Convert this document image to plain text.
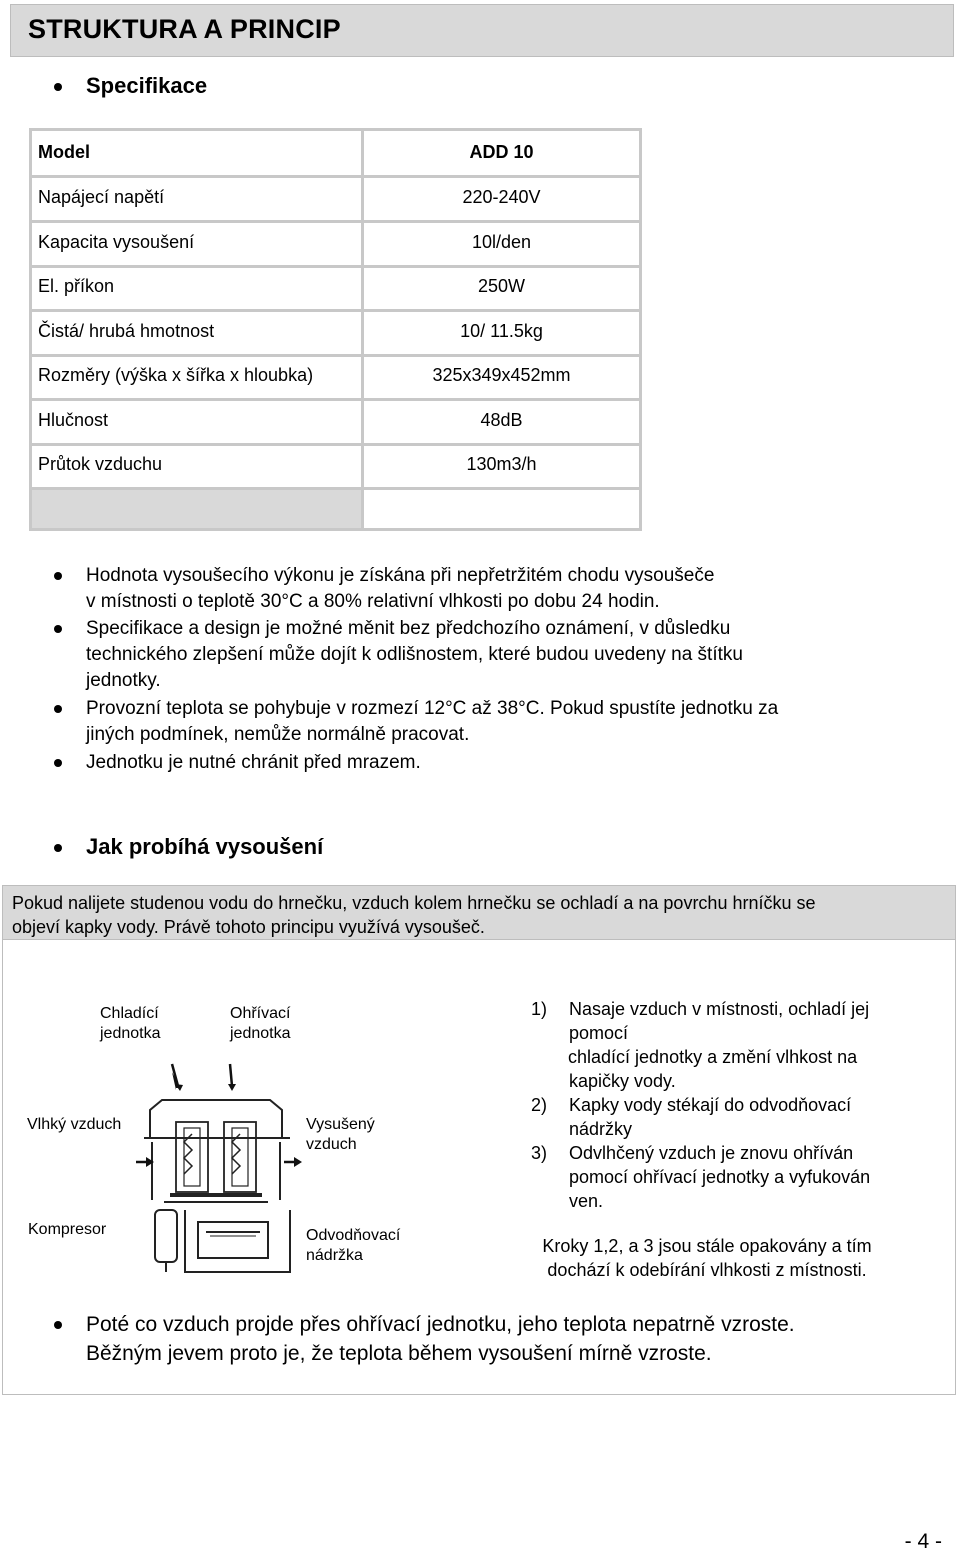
STRUKTURA A PRINCIP
Specifikace
Model	ADD 10
Napájecí napětí	220-240V
Kapacita vysoušení	10l/den
El. příkon	250W
Čistá/ hrubá hmotnost	10/ 11.5kg
Rozměry (výška x šířka x hloubka)	325x349x452mm
Hlučnost	48dB
Průtok vzduchu	130m3/h
Hodnota vysoušecího výkonu je získána při nepřetržitém chodu vysoušeče
v místnosti o teplotě 30°C a 80% relativní vlhkosti po dobu 24 hodin.
Specifikace a design je možné měnit bez předchozího oznámení, v důsledku
technického zlepšení může dojít k odlišnostem, které budou uvedeny na štítku
jednotky.
Provozní teplota se pohybuje v rozmezí 12°C až 38°C. Pokud spustíte jednotku za
jiných podmínek, nemůže normálně pracovat.
Jednotku je nutné chránit před mrazem.
Jak probíhá vysoušení
Pokud nalijete studenou vodu do hrnečku, vzduch kolem hrnečku se ochladí a na povrchu hrníčku se
objeví kapky vody. Právě tohoto principu využívá vysoušeč.
Chladící
jednotka
Ohřívací
jednotka
Vlhký vzduch	Vysušený
vzduch
Kompresor	Odvodňovací
nádržka
1) Nasaje vzduch v místnosti, ochladí jej
pomocí
chladící jednotky a změní vlhkost na
kapičky vody.
2) Kapky vody stékají do odvodňovací
nádržky
3) Odvlhčený vzduch je znovu ohříván
pomocí ohřívací jednotky a vyfukován
ven.
Kroky 1,2, a 3 jsou stále opakovány a tím
dochází k odebírání vlhkosti z místnosti.
Poté co vzduch projde přes ohřívací jednotku, jeho teplota nepatrně vzroste.
Běžným jevem proto je, že teplota během vysoušení mírně vzroste.
- 4 -
